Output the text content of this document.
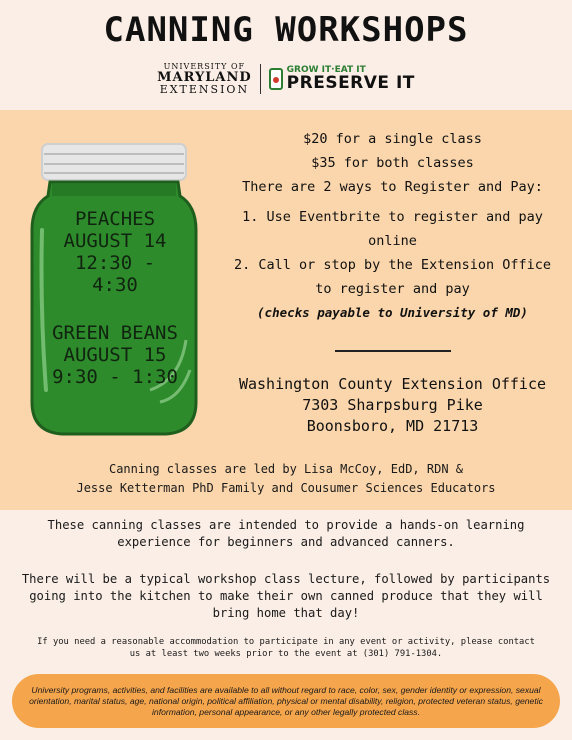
CANNING WORKSHOPS
UNIVERSITY OF
MARYLAND
EXTENSION
GROW IT·EAT IT
PRESERVE IT
PEACHES
AUGUST 14
12:30 - 4:30
GREEN BEANS
AUGUST 15
9:30 - 1:30
$20 for a single class
$35 for both classes
There are 2 ways to Register and Pay:
1. Use Eventbrite to register and pay online
2. Call or stop by the Extension Office
to register and pay
(checks payable to University of MD)
Washington County Extension Office
7303 Sharpsburg Pike
Boonsboro, MD 21713
Canning classes are led by Lisa McCoy, EdD, RDN &
Jesse Ketterman PhD Family and Cousumer Sciences Educators

These canning classes are intended to provide a hands-on learning
experience for beginners and advanced canners.

There will be a typical workshop class lecture, followed by participants
going into the kitchen to make their own canned produce that they will
bring home that day!

If you need a reasonable accommodation to participate in any event or activity, please contact
us at least two weeks prior to the event at (301) 791-1304.
University programs, activities, and facilities are available to all without regard to race, color, sex, gender identity or expression, sexual orientation, marital status, age, national origin, political affiliation, physical or mental disability, religion, protected veteran status, genetic information, personal appearance, or any other legally protected class.
